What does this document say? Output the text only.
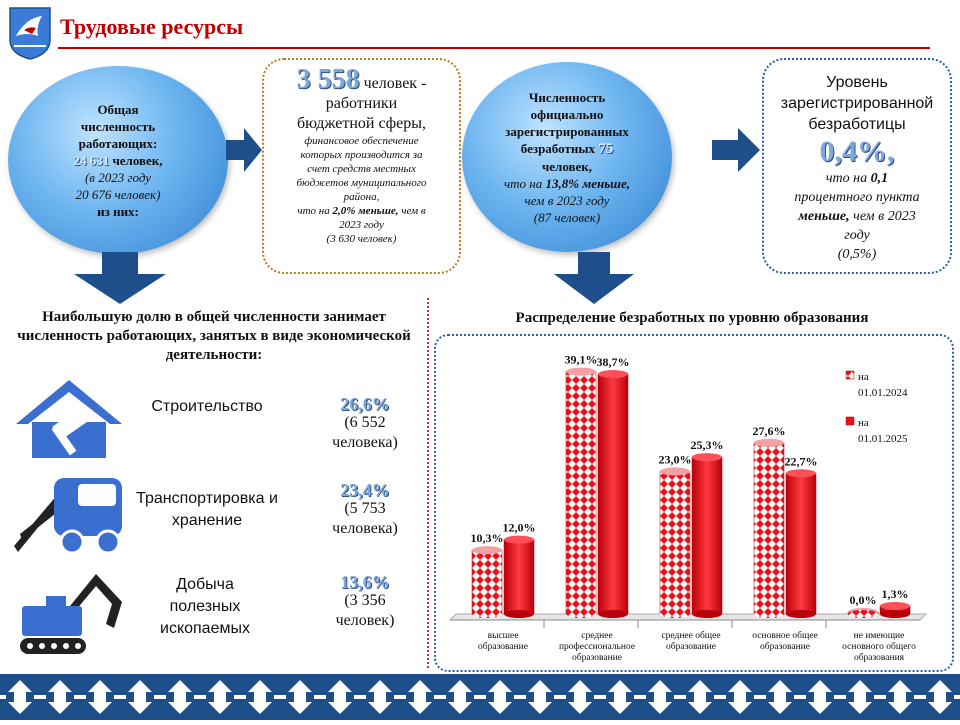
Трудовые ресурсы
Общая
численность
работающих:
24 631 человек,
(в 2023 году
20 676 человек)
из них:
3 558 человек -
работники
бюджетной сферы,
финансовое обеспечение
которых производится за
счет средств местных
бюджетов муниципального
района,
что на 2,0% меньше, чем в
2023 году
(3 630 человек)
Численность
официально
зарегистрированных
безработных 75
человек,
что на 13,8% меньше,
чем в 2023 году
(87 человек)
Уровень
зарегистрированной
безработицы
0,4%,
что на 0,1
процентного пункта
меньше, чем в 2023
году
(0,5%)
Наибольшую долю в общей численности занимает численность работающих, занятых в виде экономической деятельности:
Строительство	26,6%
(6 552
человека)
Транспортировка и хранение
23,4%
(5 753
человека)
Добыча полезных ископаемых
13,6%
(3 356
человек)
Распределение безработных по уровню образования
10,3%
12,0%
высшее
образование
39,1% 38,7%
среднее
профессиональное
образование
23,0%
25,3%
среднее общее
образование
27,6%
22,7%
основное общее
образование
0,0% 1,3%
не имеющие
основного общего
образования
на
01.01.2024
на
01.01.2025
